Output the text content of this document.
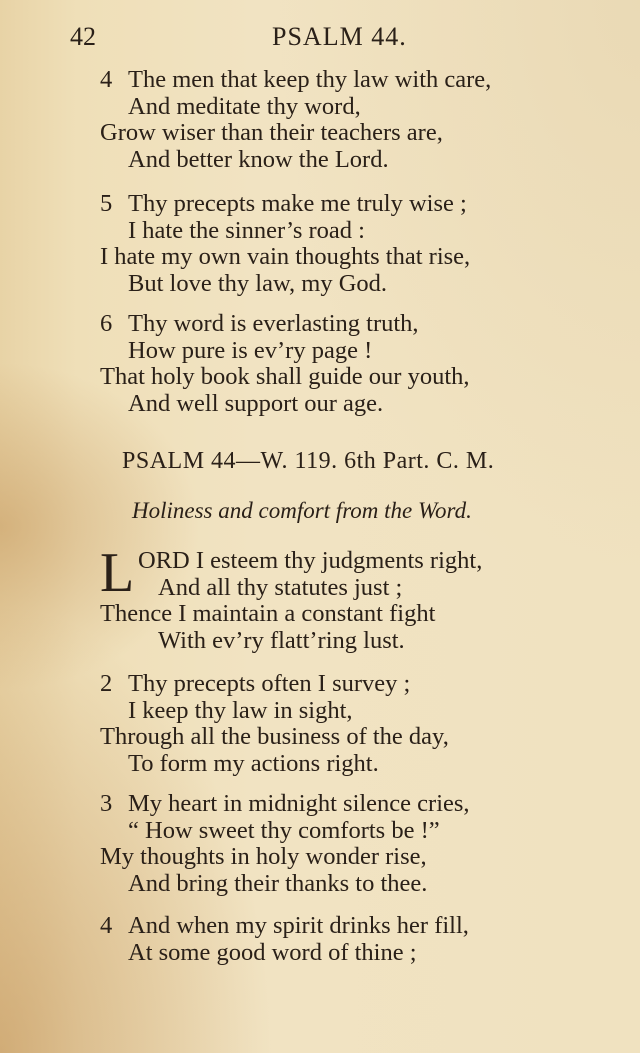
42	PSALM 44.
4 The men that keep thy law with care,
And meditate thy word,
Grow wiser than their teachers are,
And better know the Lord.
5 Thy precepts make me truly wise ;
I hate the sinner’s road :
I hate my own vain thoughts that rise,
But love thy law, my God.
6 Thy word is everlasting truth,
How pure is ev’ry page !
That holy book shall guide our youth,
And well support our age.
PSALM 44—W. 119. 6th Part. C. M.
Holiness and comfort from the Word.
L ORD I esteem thy judgments right,
And all thy statutes just ;
Thence I maintain a constant fight
With ev’ry flatt’ring lust.
2 Thy precepts often I survey ;
I keep thy law in sight,
Through all the business of the day,
To form my actions right.
3 My heart in midnight silence cries,
“ How sweet thy comforts be !”
My thoughts in holy wonder rise,
And bring their thanks to thee.
4 And when my spirit drinks her fill,
At some good word of thine ;
